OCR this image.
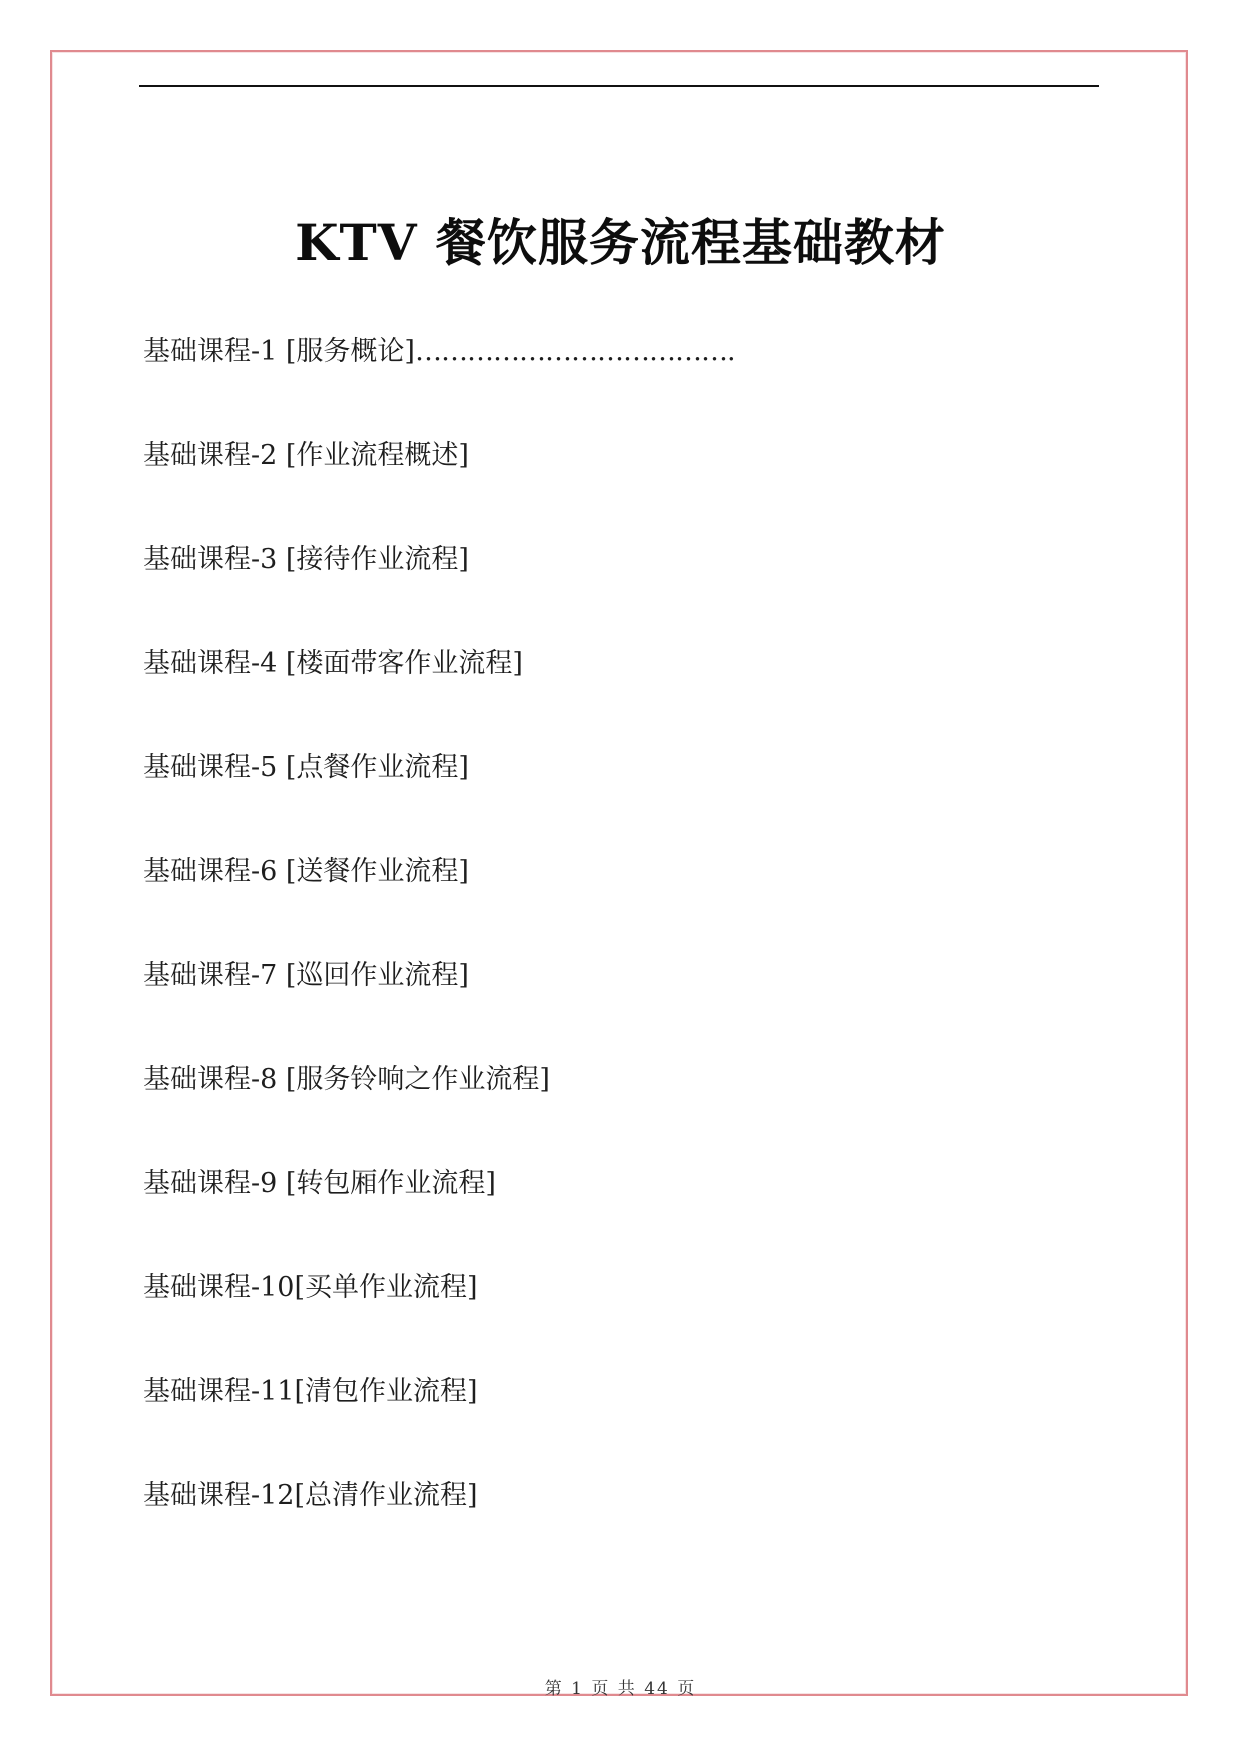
KTV 餐饮服务流程基础教材
基础课程-1 [服务概论]……………………………….
基础课程-2 [作业流程概述]
基础课程-3 [接待作业流程]
基础课程-4 [楼面带客作业流程]
基础课程-5 [点餐作业流程]
基础课程-6 [送餐作业流程]
基础课程-7 [巡回作业流程]
基础课程-8 [服务铃响之作业流程]
基础课程-9 [转包厢作业流程]
基础课程-10[买单作业流程]
基础课程-11[清包作业流程]
基础课程-12[总清作业流程]
第 1 页 共 44 页
